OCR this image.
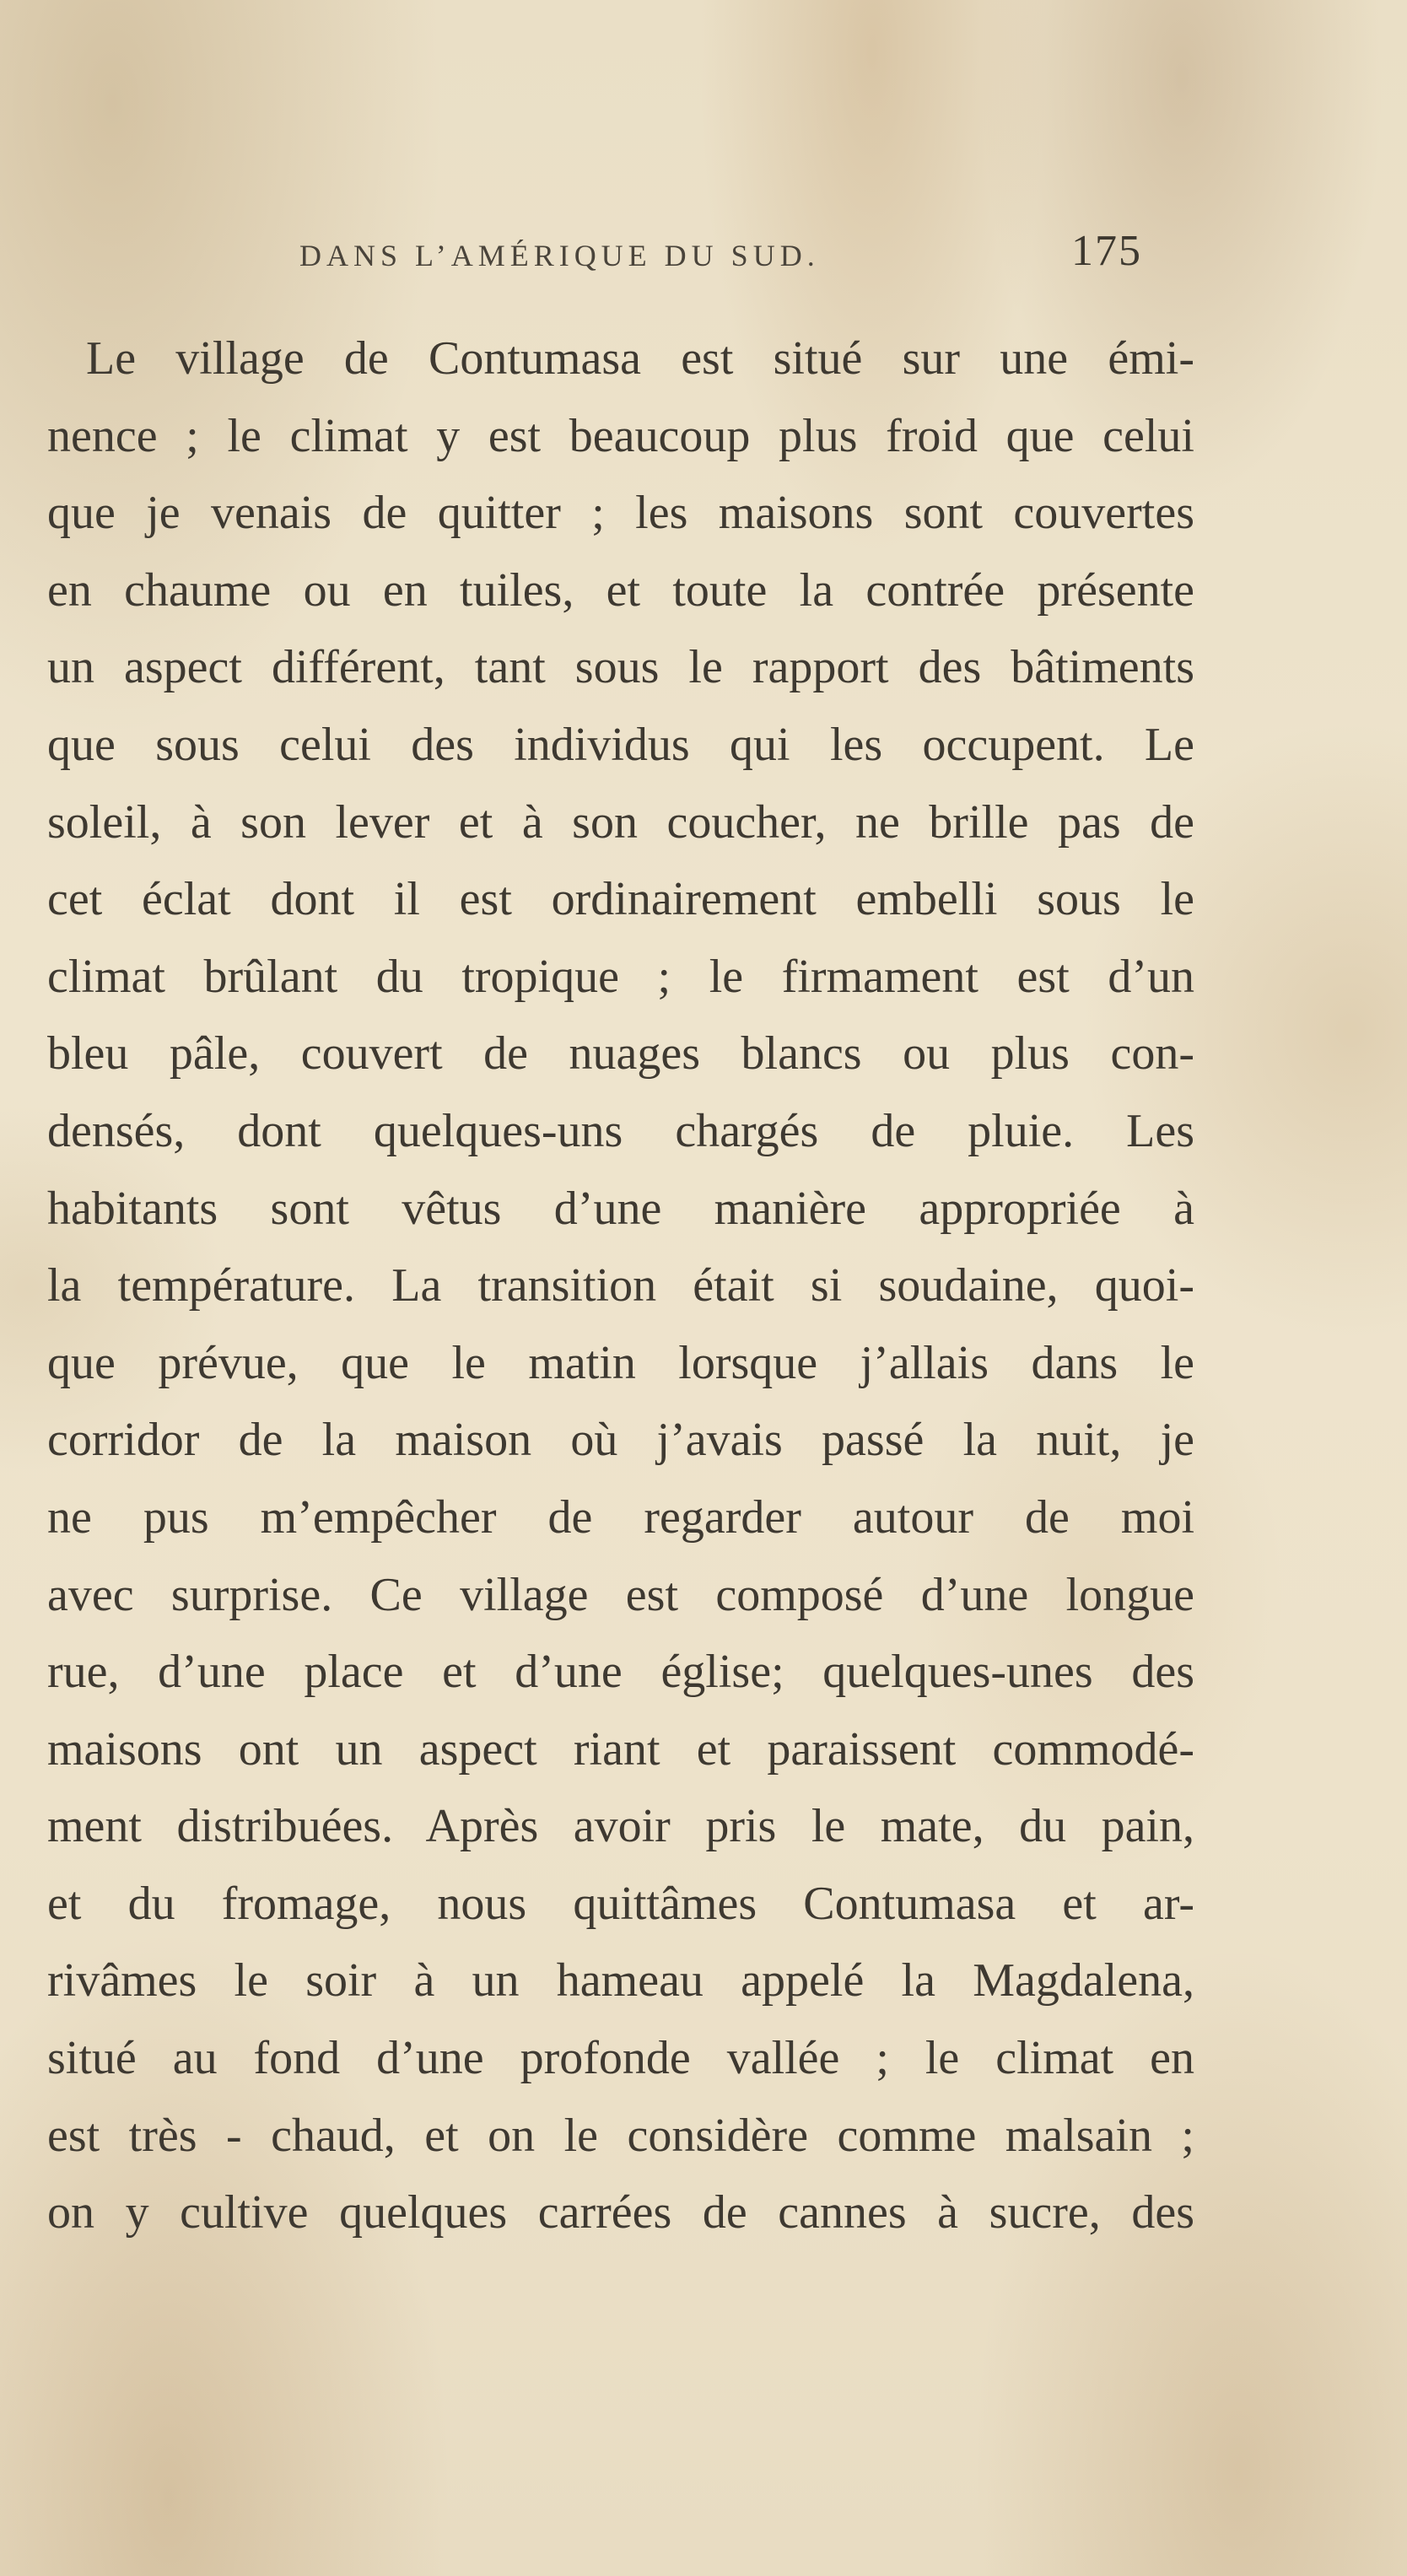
DANS L’AMÉRIQUE DU SUD.	175
Le village de Contumasa est situé sur une émi-
nence ; le climat y est beaucoup plus froid que celui
que je venais de quitter ; les maisons sont couvertes
en chaume ou en tuiles, et toute la contrée présente
un aspect différent, tant sous le rapport des bâtiments
que sous celui des individus qui les occupent. Le
soleil, à son lever et à son coucher, ne brille pas de
cet éclat dont il est ordinairement embelli sous le
climat brûlant du tropique ; le firmament est d’un
bleu pâle, couvert de nuages blancs ou plus con-
densés, dont quelques-uns chargés de pluie. Les
habitants sont vêtus d’une manière appropriée à
la température. La transition était si soudaine, quoi-
que prévue, que le matin lorsque j’allais dans le
corridor de la maison où j’avais passé la nuit, je
ne pus m’empêcher de regarder autour de moi
avec surprise. Ce village est composé d’une longue
rue, d’une place et d’une église; quelques-unes des
maisons ont un aspect riant et paraissent commodé-
ment distribuées. Après avoir pris le mate, du pain,
et du fromage, nous quittâmes Contumasa et ar-
rivâmes le soir à un hameau appelé la Magdalena,
situé au fond d’une profonde vallée ; le climat en
est très - chaud, et on le considère comme malsain ;
on y cultive quelques carrées de cannes à sucre, des
